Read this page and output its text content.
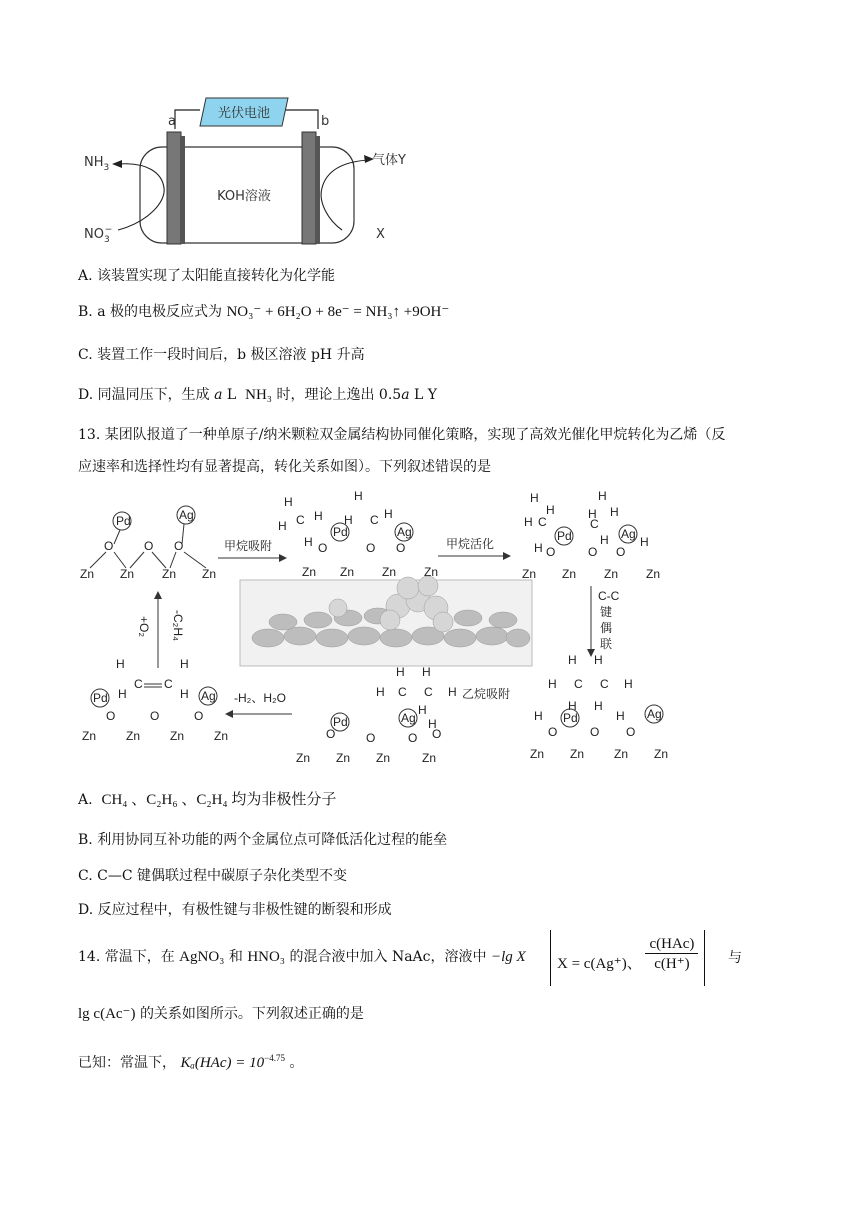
光伏电池
a	b
KOH溶液
$NH_3$
$NO_3-$
气体Y
X
A. 该装置实现了太阳能直接转化为化学能
B. a 极的电极反应式为 NO₃⁻ + 6H₂O + 8e⁻ = NH₃↑ +9OH⁻
C. 装置工作一段时间后，b 极区溶液 pH 升高
D. 同温同压下，生成 a L NH₃ 时，理论上逸出 0.5a L Y
13. 某团队报道了一种单原子/纳米颗粒双金属结构协同催化策略，实现了高效光催化甲烷转化为乙烯（反
应速率和选择性均有显著提高，转化关系如图）。下列叙述错误的是
Pd	Ag
O	O O
Zn Zn Zn Zn
H
H
H
H
C
H
H
H C
Pd	Ag
O	O O
Zn Zn Zn Zn
H
H
H C
H
H
H
C
Pd	Ag
H O	O O
H	H
Zn Zn Zn Zn
H H
H C C H
H H
Pd	Ag
H
O	O O
H
Zn Zn Zn Zn
H H
H C C H
H
Ag
Pd	H
O	O	O O
Zn Zn Zn	Zn
H	H
C C
H	H
Pd	Ag
O	O	O
Zn Zn Zn Zn
甲烷吸附	甲烷活化
C-C
键
偶
联
乙烷吸附
-H₂、H₂O
-C₂H₄
+O₂
A. CH₄ 、C₂H₆ 、C₂H₄ 均为非极性分子
B. 利用协同互补功能的两个金属位点可降低活化过程的能垒
C. C—C 键偶联过程中碳原子杂化类型不变
D. 反应过程中，有极性键与非极性键的断裂和形成
14. 常温下，在 AgNO₃ 和 HNO₃ 的混合液中加入 NaAc，溶液中 −lg X	X = c(Ag⁺)、
c(HAc)
c(H⁺)	与
lg c(Ac⁻) 的关系如图所示。下列叙述正确的是
已知：常温下， $K_a(HAc) = 10^{-4.75}$ 。
